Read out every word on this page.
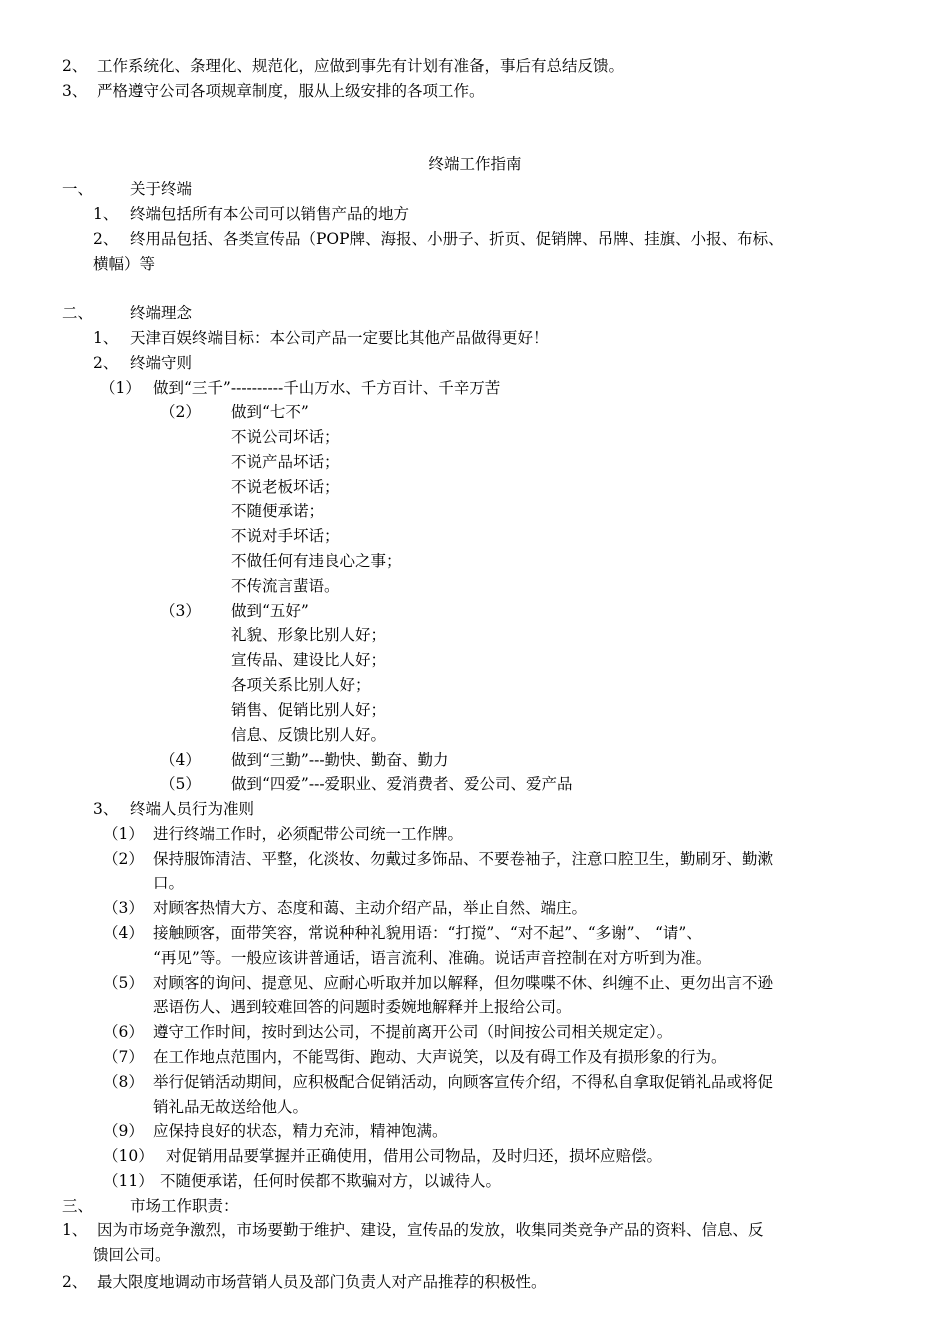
2、 工作系统化、条理化、规范化，应做到事先有计划有准备，事后有总结反馈。
3、 严格遵守公司各项规章制度，服从上级安排的各项工作。
终端工作指南
一、 关于终端
1、 终端包括所有本公司可以销售产品的地方
2、 终用品包括、各类宣传品（POP牌、海报、小册子、折页、促销牌、吊牌、挂旗、小报、布标、
横幅）等
二、 终端理念
1、 天津百娱终端目标：本公司产品一定要比其他产品做得更好！
2、 终端守则
（1） 做到“三千”----------千山万水、千方百计、千辛万苦
（2） 做到“七不”
不说公司坏话；
不说产品坏话；
不说老板坏话；
不随便承诺；
不说对手坏话；
不做任何有违良心之事；
不传流言蜚语。
（3） 做到“五好”
礼貌、形象比别人好；
宣传品、建设比人好；
各项关系比别人好；
销售、促销比别人好；
信息、反馈比别人好。
（4） 做到“三勤”---勤快、勤奋、勤力
（5） 做到“四爱”---爱职业、爱消费者、爱公司、爱产品
3、 终端人员行为准则
（1） 进行终端工作时，必须配带公司统一工作牌。
（2） 保持服饰清洁、平整，化淡妆、勿戴过多饰品、不要卷袖子，注意口腔卫生，勤刷牙、勤漱
口。
（3） 对顾客热情大方、态度和蔼、主动介绍产品，举止自然、端庄。
（4） 接触顾客，面带笑容，常说种种礼貌用语：“打搅”、“对不起”、“多谢”、 “请”、
“再见”等。一般应该讲普通话，语言流利、准确。说话声音控制在对方听到为准。
（5） 对顾客的询问、提意见、应耐心听取并加以解释，但勿喋喋不休、纠缠不止、更勿出言不逊
恶语伤人、遇到较难回答的问题时委婉地解释并上报给公司。
（6） 遵守工作时间，按时到达公司，不提前离开公司（时间按公司相关规定定）。
（7） 在工作地点范围内，不能骂街、跑动、大声说笑，以及有碍工作及有损形象的行为。
（8） 举行促销活动期间，应积极配合促销活动，向顾客宣传介绍，不得私自拿取促销礼品或将促
销礼品无故送给他人。
（9） 应保持良好的状态，精力充沛，精神饱满。
（10） 对促销用品要掌握并正确使用，借用公司物品，及时归还，损坏应赔偿。
（11） 不随便承诺，任何时侯都不欺骗对方，以诚待人。
三、 市场工作职责：
1、 因为市场竞争激烈，市场要勤于维护、建设，宣传品的发放，收集同类竞争产品的资料、信息、反
馈回公司。
2、 最大限度地调动市场营销人员及部门负责人对产品推荐的积极性。
